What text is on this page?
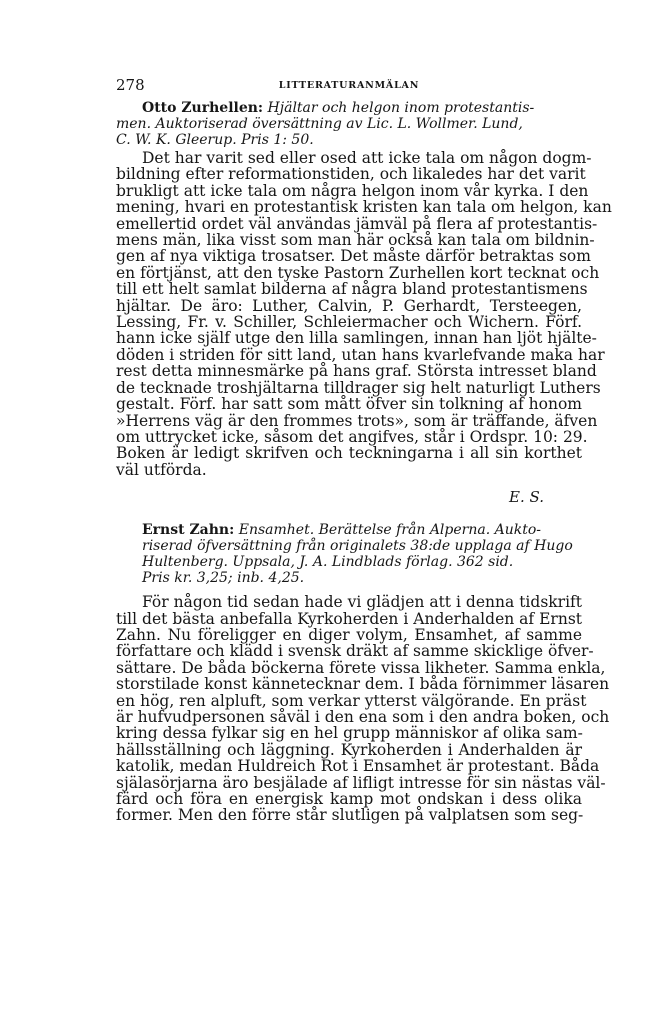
278	LITTERATURANMÄLAN
Otto Zurhellen: Hjältar och helgon inom protestantis-
men. Auktoriserad översättning av Lic. L. Wollmer. Lund,
C. W. K. Gleerup. Pris 1: 50.
Det har varit sed eller osed att icke tala om någon dogm-
bildning efter reformationstiden, och likaledes har det varit
brukligt att icke tala om några helgon inom vår kyrka. I den
mening, hvari en protestantisk kristen kan tala om helgon, kan
emellertid ordet väl användas jämväl på flera af protestantis-
mens män, lika visst som man här också kan tala om bildnin-
gen af nya viktiga trosatser. Det måste därför betraktas som
en förtjänst, att den tyske Pastorn Zurhellen kort tecknat och
till ett helt samlat bilderna af några bland protestantismens
hjältar. De äro: Luther, Calvin, P. Gerhardt, Tersteegen,
Lessing, Fr. v. Schiller, Schleiermacher och Wichern. Förf.
hann icke själf utge den lilla samlingen, innan han ljöt hjälte-
döden i striden för sitt land, utan hans kvarlefvande maka har
rest detta minnesmärke på hans graf. Största intresset bland
de tecknade troshjältarna tilldrager sig helt naturligt Luthers
gestalt. Förf. har satt som mått öfver sin tolkning af honom
»Herrens väg är den frommes trots», som är träffande, äfven
om uttrycket icke, såsom det angifves, står i Ordspr. 10: 29.
Boken är ledigt skrifven och teckningarna i all sin korthet
väl utförda.
E. S.
Ernst Zahn: Ensamhet. Berättelse från Alperna. Aukto-
riserad öfversättning från originalets 38:de upplaga af Hugo
Hultenberg. Uppsala, J. A. Lindblads förlag. 362 sid.
Pris kr. 3,25; inb. 4,25.
För någon tid sedan hade vi glädjen att i denna tidskrift
till det bästa anbefalla Kyrkoherden i Anderhalden af Ernst
Zahn. Nu föreligger en diger volym, Ensamhet, af samme
författare och klädd i svensk dräkt af samme skicklige öfver-
sättare. De båda böckerna förete vissa likheter. Samma enkla,
storstilade konst kännetecknar dem. I båda förnimmer läsaren
en hög, ren alpluft, som verkar ytterst välgörande. En präst
är hufvudpersonen såväl i den ena som i den andra boken, och
kring dessa fylkar sig en hel grupp människor af olika sam-
hällsställning och läggning. Kyrkoherden i Anderhalden är
katolik, medan Huldreich Rot i Ensamhet är protestant. Båda
själasörjarna äro besjälade af lifligt intresse för sin nästas väl-
färd och föra en energisk kamp mot ondskan i dess olika
former. Men den förre står slutligen på valplatsen som seg-
